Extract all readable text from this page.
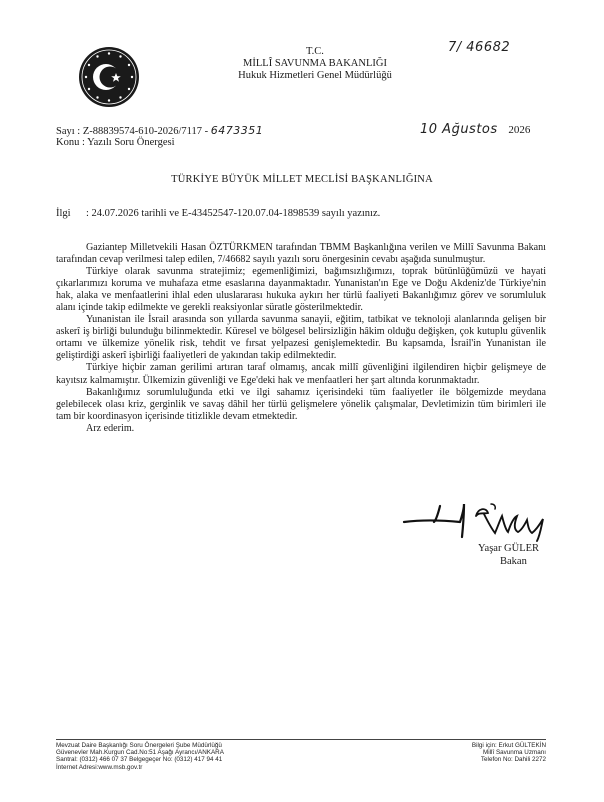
T.C.
MİLLÎ SAVUNMA BAKANLIĞI
Hukuk Hizmetleri Genel Müdürlüğü
7/ 46682
Sayı : Z-88839574-610-2026/7117 - 6473351
Konu : Yazılı Soru Önergesi
10 Ağustos 2026
TÜRKİYE BÜYÜK MİLLET MECLİSİ BAŞKANLIĞINA
İlgi : 24.07.2026 tarihli ve E-43452547-120.07.04-1898539 sayılı yazınız.

Gaziantep Milletvekili Hasan ÖZTÜRKMEN tarafından TBMM Başkanlığına verilen ve Millî Savunma Bakanı tarafından cevap verilmesi talep edilen, 7/46682 sayılı yazılı soru önergesinin cevabı aşağıda sunulmuştur.

Türkiye olarak savunma stratejimiz; egemenliğimizi, bağımsızlığımızı, toprak bütünlüğümüzü ve hayati çıkarlarımızı koruma ve muhafaza etme esaslarına dayanmaktadır. Yunanistan'ın Ege ve Doğu Akdeniz'de Türkiye'nin hak, alaka ve menfaatlerini ihlal eden uluslararası hukuka aykırı her türlü faaliyeti Bakanlığımız görev ve sorumluluk alanı içinde takip edilmekte ve gerekli reaksiyonlar süratle gösterilmektedir.

Yunanistan ile İsrail arasında son yıllarda savunma sanayii, eğitim, tatbikat ve teknoloji alanlarında gelişen bir askerî iş birliği bulunduğu bilinmektedir. Küresel ve bölgesel belirsizliğin hâkim olduğu değişken, çok kutuplu güvenlik ortamı ve ülkemize yönelik risk, tehdit ve fırsat yelpazesi genişlemektedir. Bu kapsamda, İsrail'in Yunanistan ile geliştirdiği askerî işbirliği faaliyetleri de yakından takip edilmektedir.

Türkiye hiçbir zaman gerilimi artıran taraf olmamış, ancak millî güvenliğini ilgilendiren hiçbir gelişmeye de kayıtsız kalmamıştır. Ülkemizin güvenliği ve Ege'deki hak ve menfaatleri her şart altında korunmaktadır.

Bakanlığımız sorumluluğunda etki ve ilgi sahamız içerisindeki tüm faaliyetler ile bölgemizde meydana gelebilecek olası kriz, gerginlik ve savaş dâhil her türlü gelişmelere yönelik çalışmalar, Devletimizin tüm birimleri ile tam bir koordinasyon içerisinde titizlikle devam etmektedir.

Arz ederim.

Yaşar GÜLER
Bakan
Mevzuat Daire Başkanlığı Soru Önergeleri Şube Müdürlüğü
Güvenevler Mah.Kurgun Cad.No:51 Aşağı Ayrancı/ANKARA
Santral: (0312) 466 07 37 Belgegeçer No: (0312) 417 94 41
İnternet Adresi:www.msb.gov.tr
Bilgi için: Erkut GÜLTEKİN
Millî Savunma Uzmanı
Telefon No: Dahili 2272
